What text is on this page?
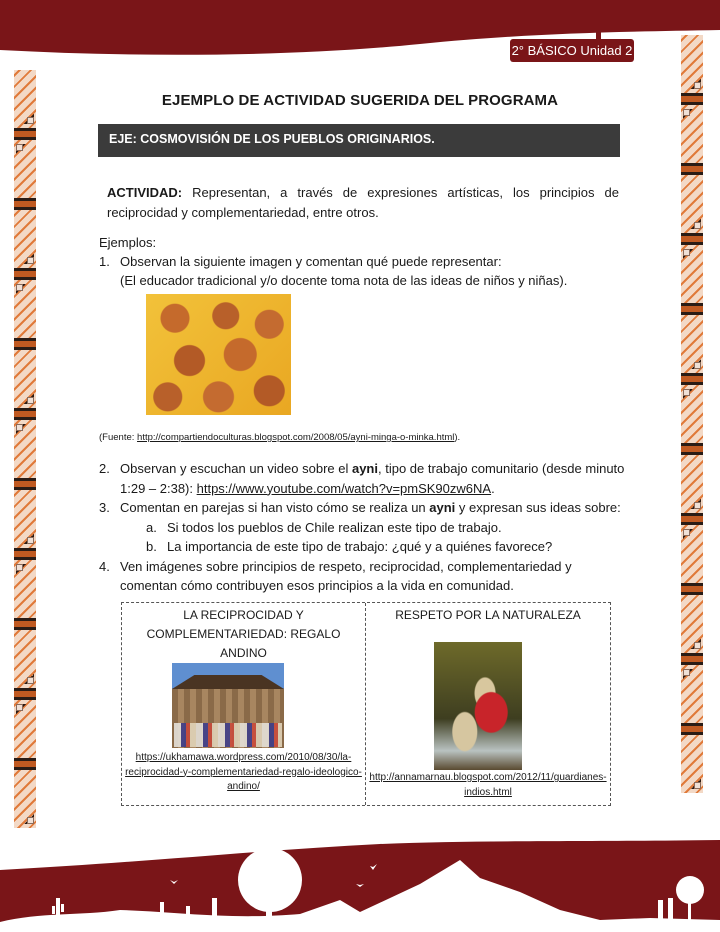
2° BÁSICO Unidad 2
EJEMPLO DE ACTIVIDAD SUGERIDA DEL PROGRAMA
EJE: COSMOVISIÓN DE LOS PUEBLOS ORIGINARIOS.
ACTIVIDAD: Representan, a través de expresiones artísticas, los principios de reciprocidad y complementariedad, entre otros.
Ejemplos:
1. Observan la siguiente imagen y comentan qué puede representar:
(El educador tradicional y/o docente toma nota de las ideas de niños y niñas).
(Fuente: http://compartiendoculturas.blogspot.com/2008/05/ayni-minga-o-minka.html).
2. Observan y escuchan un video sobre el ayni, tipo de trabajo comunitario (desde minuto 1:29 – 2:38): https://www.youtube.com/watch?v=pmSK90zw6NA.
3. Comentan en parejas si han visto cómo se realiza un ayni y expresan sus ideas sobre:
a. Si todos los pueblos de Chile realizan este tipo de trabajo.
b. La importancia de este tipo de trabajo: ¿qué y a quiénes favorece?
4. Ven imágenes sobre principios de respeto, reciprocidad, complementariedad y comentan cómo contribuyen esos principios a la vida en comunidad.
LA RECIPROCIDAD Y COMPLEMENTARIEDAD: REGALO ANDINO
https://ukhamawa.wordpress.com/2010/08/30/la-reciprocidad-y-complementariedad-regalo-ideologico-andino/
RESPETO POR LA NATURALEZA
http://annamarnau.blogspot.com/2012/11/guardianes-indios.html
